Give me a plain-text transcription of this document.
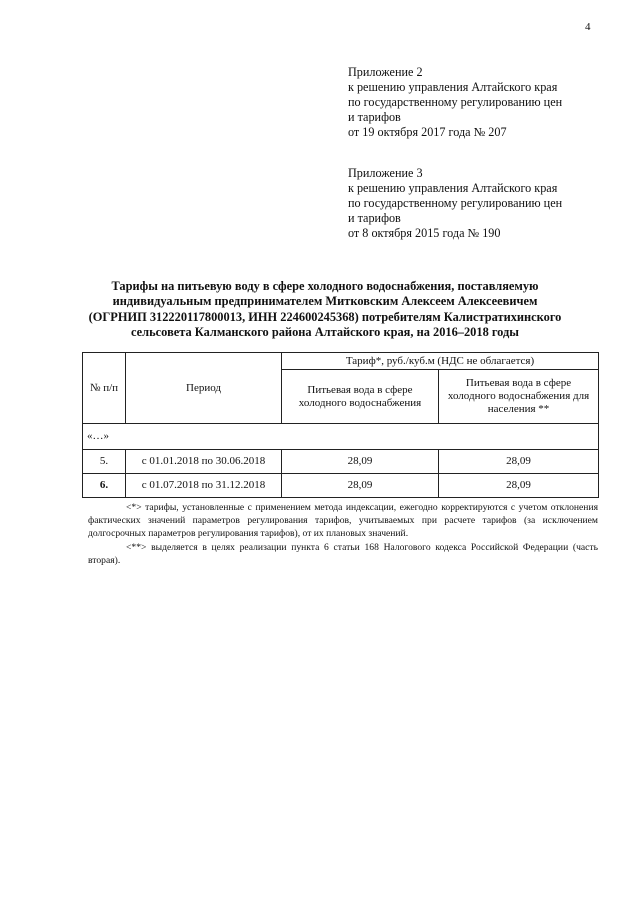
4
Приложение 2
к решению управления Алтайского края
по государственному регулированию цен
и тарифов
от 19 октября 2017 года № 207
Приложение 3
к решению управления Алтайского края
по государственному регулированию цен
и тарифов
от 8 октября 2015 года № 190
Тарифы на питьевую воду в сфере холодного водоснабжения, поставляемую
индивидуальным предпринимателем Митковским Алексеем Алексеевичем
(ОГРНИП 312220117800013, ИНН 224600245368) потребителям Калистратихинского
сельсовета Калманского района Алтайского края, на 2016–2018 годы
№ п/п	Период	Тариф*, руб./куб.м (НДС не облагается)	
		Питьевая вода в сфере холодного водоснабжения	Питьевая вода в сфере холодного водоснабжения для населения **
«…»			
5.	с 01.01.2018 по 30.06.2018	28,09	28,09
6.	с 01.07.2018 по 31.12.2018	28,09	28,09

<*> тарифы, установленные с применением метода индексации, ежегодно корректируются с учетом отклонения фактических значений параметров регулирования тарифов, учитываемых при расчете тарифов (за исключением долгосрочных параметров регулирования тарифов), от их плановых значений.

<**> выделяется в целях реализации пункта 6 статьи 168 Налогового кодекса Российской Федерации (часть вторая).
